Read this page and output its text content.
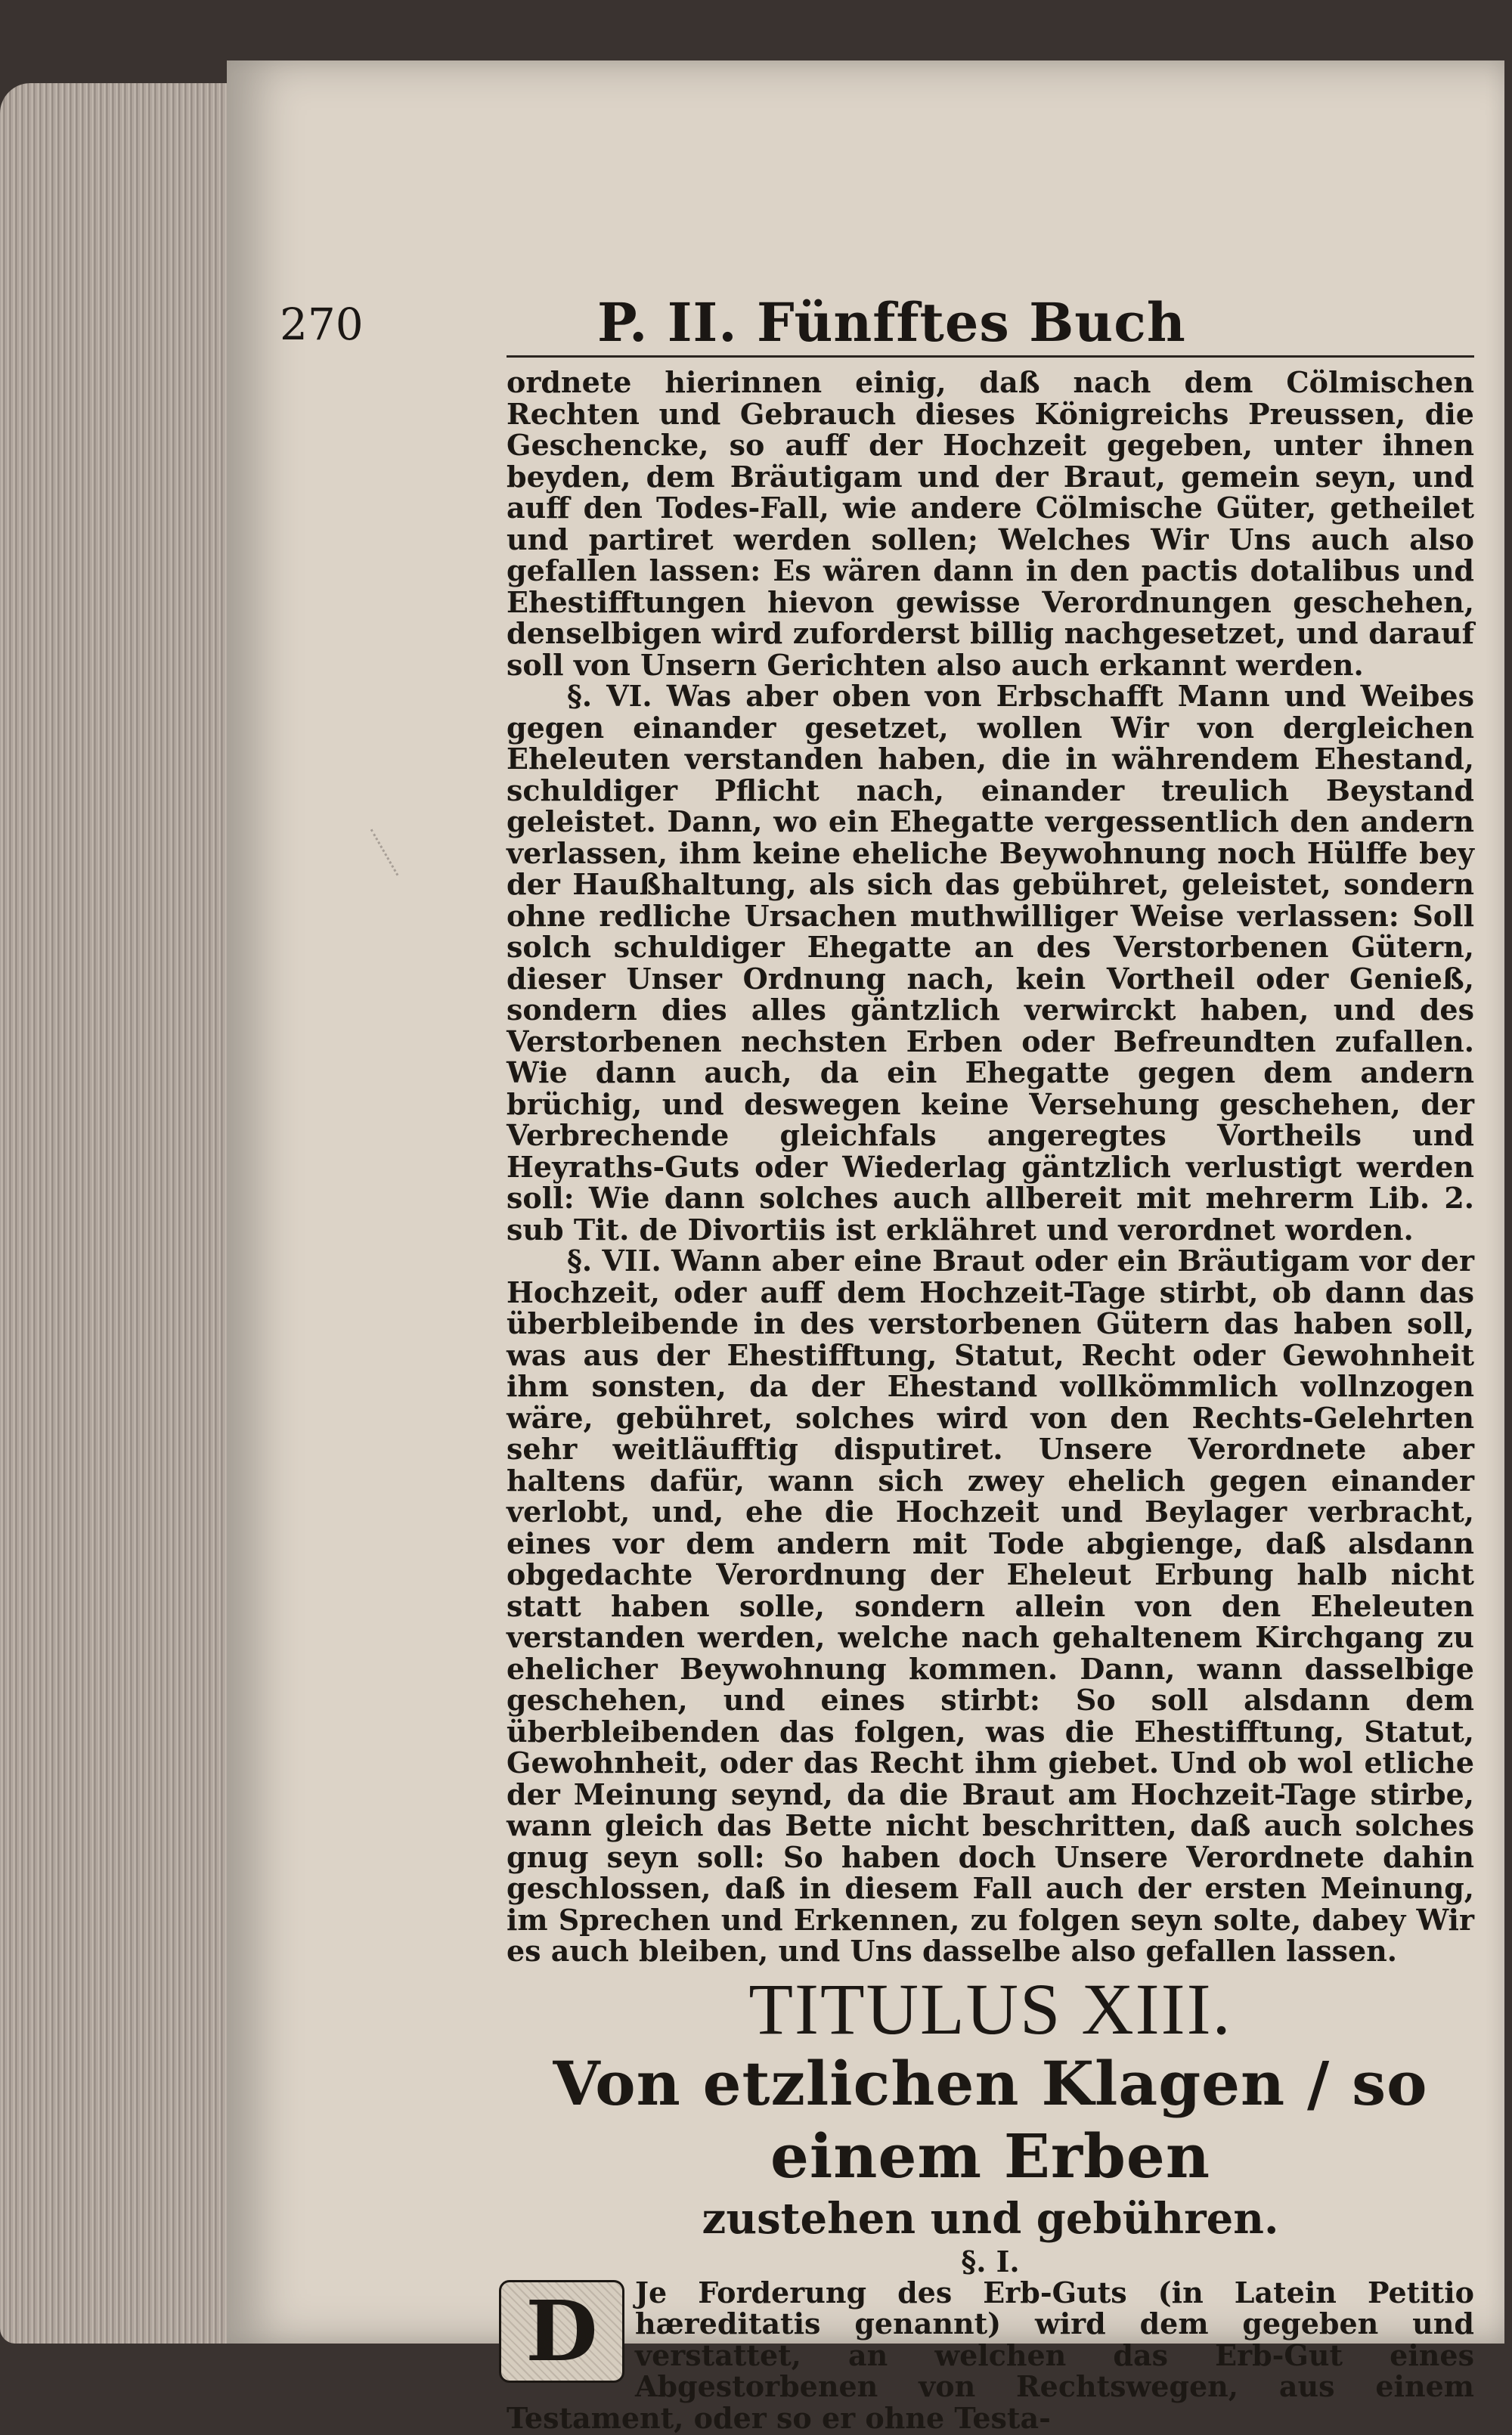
270	P. II. Fünfftes Buch

ordnete hierinnen einig, daß nach dem Cölmischen Rechten und Gebrauch dieses Königreichs Preussen, die Geschencke, so auff der Hochzeit gegeben, unter ihnen beyden, dem Bräutigam und der Braut, gemein seyn, und auff den Todes-Fall, wie andere Cölmische Güter, getheilet und partiret werden sollen; Welches Wir Uns auch also gefallen lassen: Es wären dann in den pactis dotalibus und Ehestifftungen hievon gewisse Verordnungen geschehen, denselbigen wird zuforderst billig nachgesetzet, und darauf soll von Unsern Gerichten also auch erkannt werden.

§. VI. Was aber oben von Erbschafft Mann und Weibes gegen einander gesetzet, wollen Wir von dergleichen Eheleuten verstanden haben, die in währendem Ehestand, schuldiger Pflicht nach, einander treulich Beystand geleistet. Dann, wo ein Ehegatte vergessentlich den andern verlassen, ihm keine eheliche Beywohnung noch Hülffe bey der Haußhaltung, als sich das gebühret, geleistet, sondern ohne redliche Ursachen muthwilliger Weise verlassen: Soll solch schuldiger Ehegatte an des Verstorbenen Gütern, dieser Unser Ordnung nach, kein Vortheil oder Genieß, sondern dies alles gäntzlich verwirckt haben, und des Verstorbenen nechsten Erben oder Befreundten zufallen. Wie dann auch, da ein Ehegatte gegen dem andern brüchig, und deswegen keine Versehung geschehen, der Verbrechende gleichfals angeregtes Vortheils und Heyraths-Guts oder Wiederlag gäntzlich verlustigt werden soll: Wie dann solches auch allbereit mit mehrerm Lib. 2. sub Tit. de Divortiis ist erklähret und verordnet worden.

§. VII. Wann aber eine Braut oder ein Bräutigam vor der Hochzeit, oder auff dem Hochzeit-Tage stirbt, ob dann das überbleibende in des verstorbenen Gütern das haben soll, was aus der Ehestifftung, Statut, Recht oder Gewohnheit ihm sonsten, da der Ehestand vollkömmlich vollnzogen wäre, gebühret, solches wird von den Rechts-Gelehrten sehr weitläufftig disputiret. Unsere Verordnete aber haltens dafür, wann sich zwey ehelich gegen einander verlobt, und, ehe die Hochzeit und Beylager verbracht, eines vor dem andern mit Tode abgienge, daß alsdann obgedachte Verordnung der Eheleut Erbung halb nicht statt haben solle, sondern allein von den Eheleuten verstanden werden, welche nach gehaltenem Kirchgang zu ehelicher Beywohnung kommen. Dann, wann dasselbige geschehen, und eines stirbt: So soll alsdann dem überbleibenden das folgen, was die Ehestifftung, Statut, Gewohnheit, oder das Recht ihm giebet. Und ob wol etliche der Meinung seynd, da die Braut am Hochzeit-Tage stirbe, wann gleich das Bette nicht beschritten, daß auch solches gnug seyn soll: So haben doch Unsere Verordnete dahin geschlossen, daß in diesem Fall auch der ersten Meinung, im Sprechen und Erkennen, zu folgen seyn solte, dabey Wir es auch bleiben, und Uns dasselbe also gefallen lassen.

TITULUS XIII.
Von etzlichen Klagen / so einem Erben
zustehen und gebühren.
§. I.
D	Je Forderung des Erb-Guts (in Latein Petitio hæreditatis genannt) wird dem gegeben und verstattet, an welchen das Erb-Gut eines Abgestorbenen von Rechtswegen, aus einem Testament, oder so er ohne Testa-
